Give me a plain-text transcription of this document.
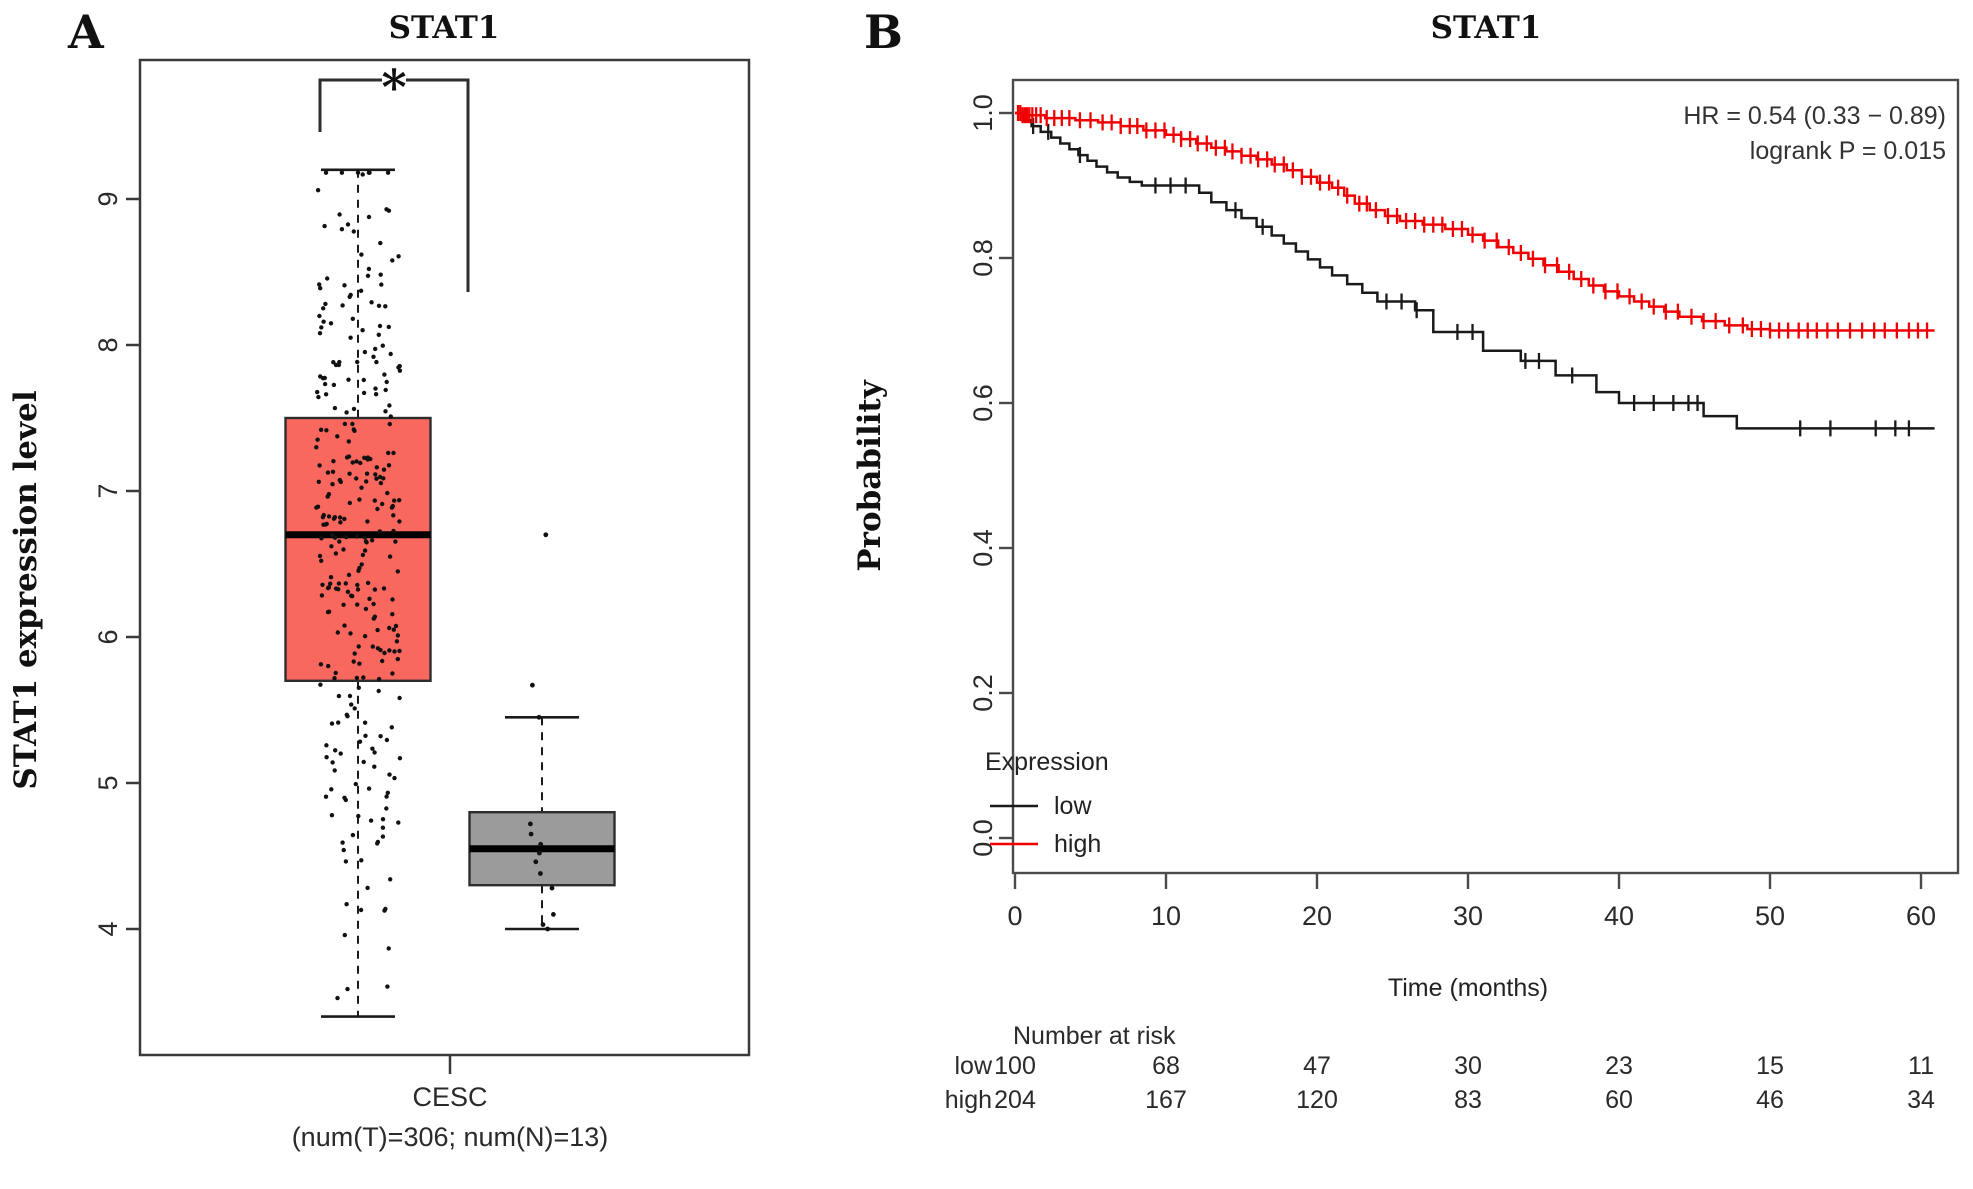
A	STAT1
STAT1 expression level
4
5
6
7
8
9
*
CESC
(num(T)=306; num(N)=13)
B	STAT1
Probability
HR = 0.54 (0.33 − 0.89)
logrank P = 0.015
0.0
0.2
0.4
0.6
0.8
1.0
0	10	20	30	40	50	60
Expression
low
high
Time (months)
Number at risk
low 100	68	47	30	23	15	11
high 204	167	120	83	60	46	34
